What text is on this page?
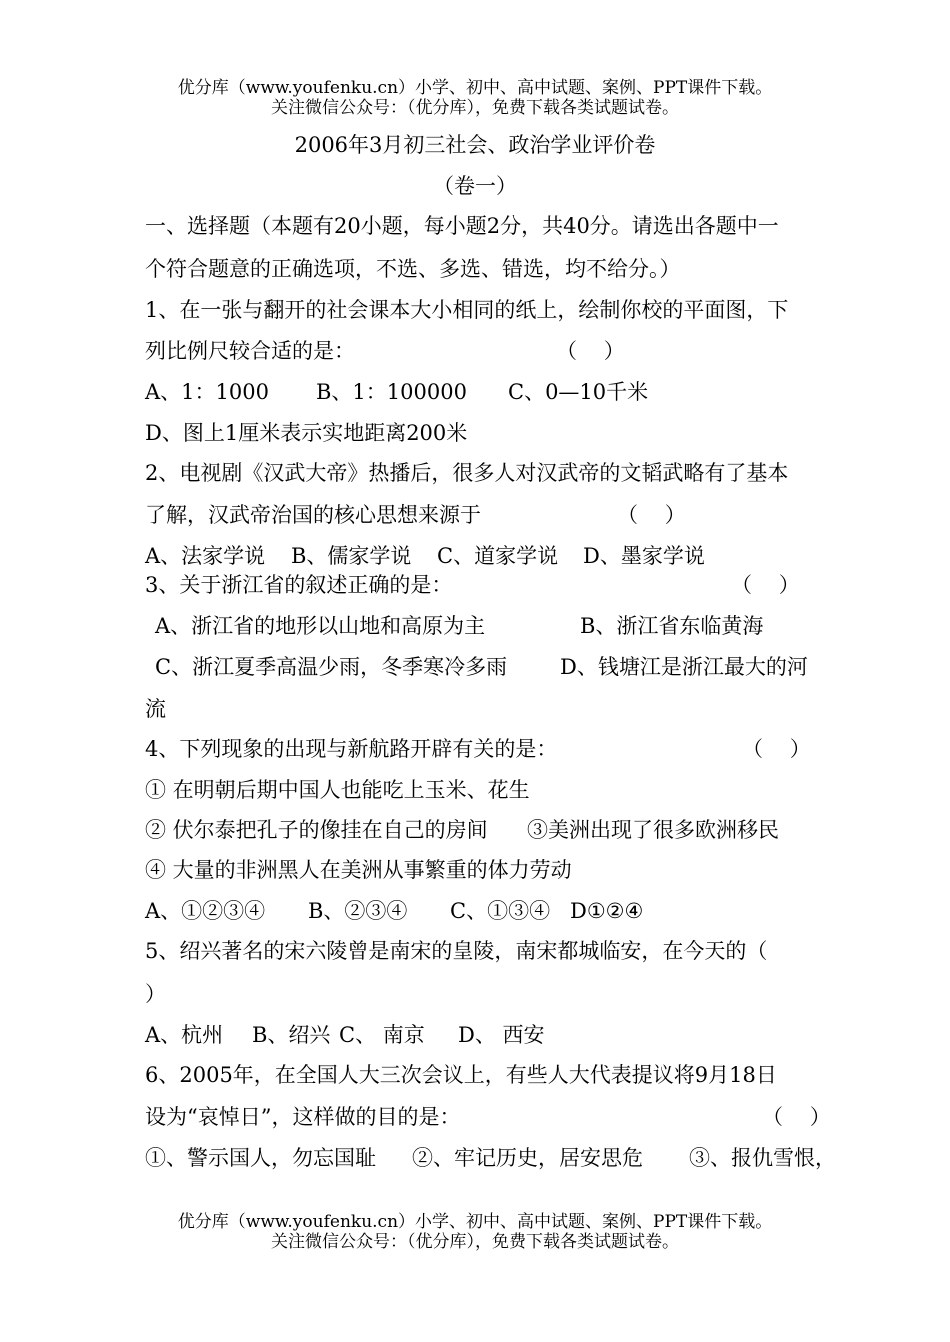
优分库（www.youfenku.cn）小学、初中、高中试题、案例、PPT课件下载。
关注微信公众号：（优分库），免费下载各类试题试卷。
2006年3月初三社会、政治学业评价卷
（卷一）
一、选择题（本题有20小题，每小题2分，共40分。请选出各题中一
个符合题意的正确选项，不选、多选、错选，均不给分。）
1、在一张与翻开的社会课本大小相同的纸上，绘制你校的平面图，下
列比例尺较合适的是：	（    ）
A、1：1000 B、1：100000 C、0—10千米
D、图上1厘米表示实地距离200米
2、电视剧《汉武大帝》热播后，很多人对汉武帝的文韬武略有了基本
了解，汉武帝治国的核心思想来源于	（    ）
A、法家学说 B、儒家学说 C、道家学说 D、墨家学说
3、关于浙江省的叙述正确的是：	（    ）
A、浙江省的地形以山地和高原为主	B、浙江省东临黄海
C、浙江夏季高温少雨，冬季寒冷多雨	D、钱塘江是浙江最大的河
流
4、下列现象的出现与新航路开辟有关的是：	（    ）
① 在明朝后期中国人也能吃上玉米、花生
② 伏尔泰把孔子的像挂在自己的房间 ③美洲出现了很多欧洲移民
④ 大量的非洲黑人在美洲从事繁重的体力劳动
A、①②③④ B、②③④ C、①③④ D①②④
5、绍兴著名的宋六陵曾是南宋的皇陵，南宋都城临安，在今天的（
）
A、杭州 B、绍兴 C、 南京 D、 西安
6、2005年，在全国人大三次会议上，有些人大代表提议将9月18日
设为“哀悼日”，这样做的目的是：	（    ）
①、警示国人，勿忘国耻 ②、牢记历史，居安思危 ③、报仇雪恨，
优分库（www.youfenku.cn）小学、初中、高中试题、案例、PPT课件下载。
关注微信公众号：（优分库），免费下载各类试题试卷。
